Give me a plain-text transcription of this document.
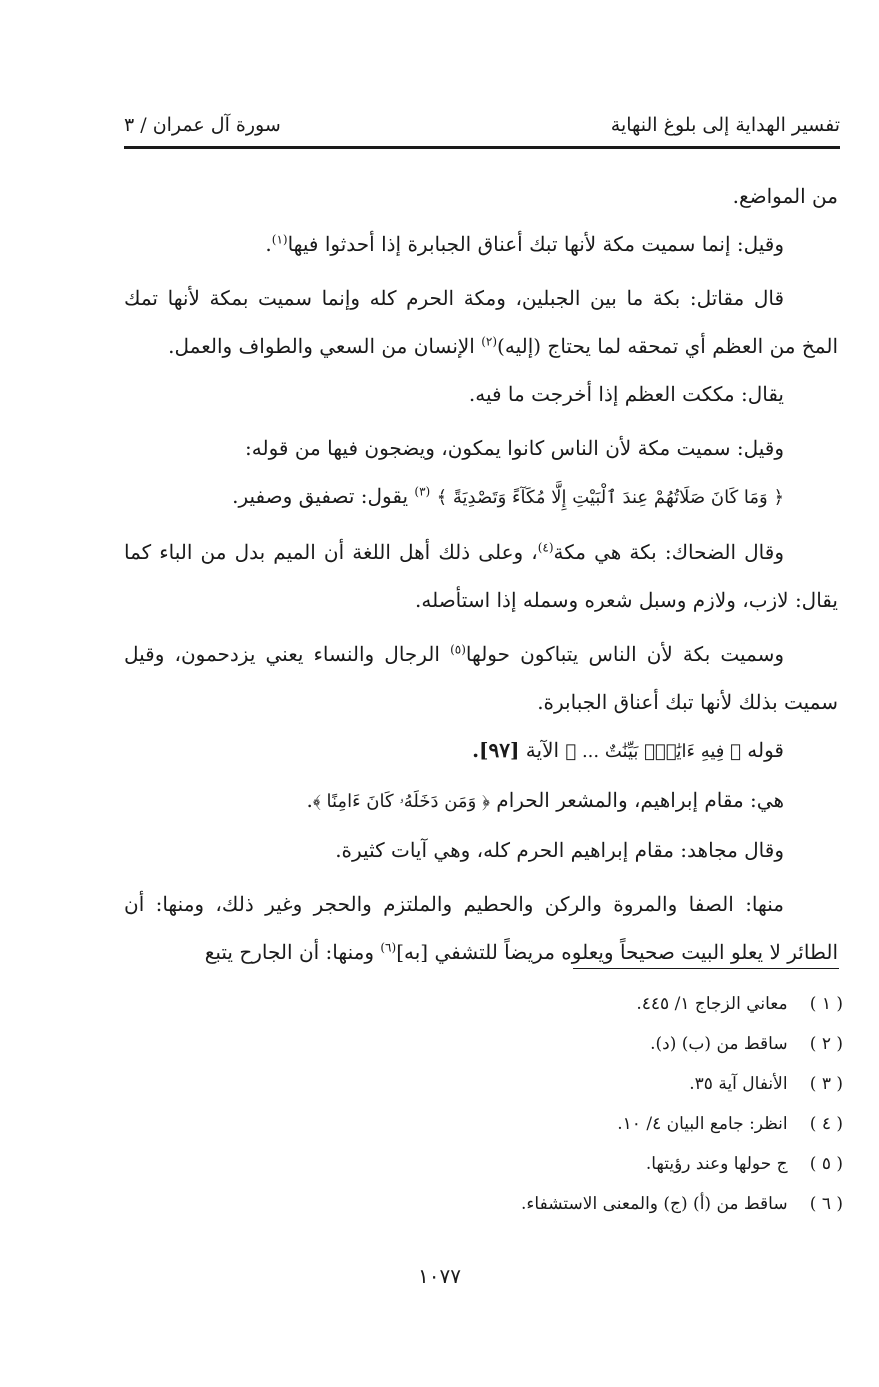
تفسير الهداية إلى بلوغ النهاية
سورة آل عمران / ٣

من المواضع.

وقيل: إنما سميت مكة لأنها تبك أعناق الجبابرة إذا أحدثوا فيها$^{(١)}$.

قال مقاتل: بكة ما بين الجبلين، ومكة الحرم كله وإنما سميت بمكة لأنها تمك المخ من العظم أي تمحقه لما يحتاج (إليه)$^{(٢)}$ الإنسان من السعي والطواف والعمل.

يقال: مككت العظم إذا أخرجت ما فيه.

وقيل: سميت مكة لأن الناس كانوا يمكون، ويضجون فيها من قوله:

﴿ وَمَا كَانَ صَلَاتُهُمْ عِندَ ٱلْبَيْتِ إِلَّا مُكَآءً وَتَصْدِيَةً ﴾ $^{(٣)}$ يقول: تصفيق وصفير.

وقال الضحاك: بكة هي مكة$^{(٤)}$، وعلى ذلك أهل اللغة أن الميم بدل من الباء كما يقال: لازب، ولازم وسبل شعره وسمله إذا استأصله.

وسميت بكة لأن الناس يتباكون حولها$^{(٥)}$ الرجال والنساء يعني يزدحمون، وقيل سميت بذلك لأنها تبك أعناق الجبابرة.

قوله ﴿ فِيهِ ءَايَٰتٌۢ بَيِّنَٰتٌ ... ﴾ الآية [٩٧].

هي: مقام إبراهيم، والمشعر الحرام ﴿ وَمَن دَخَلَهُۥ كَانَ ءَامِنًا ﴾.

وقال مجاهد: مقام إبراهيم الحرم كله، وهي آيات كثيرة.

منها: الصفا والمروة والركن والحطيم والملتزم والحجر وغير ذلك، ومنها: أن الطائر لا يعلو البيت صحيحاً ويعلوه مريضاً للتشفي [به]$^{(٦)}$ ومنها: أن الجارح يتبع

( ١ ) معاني الزجاج ١/ ٤٤٥.
( ٢ ) ساقط من (ب) (د).
( ٣ ) الأنفال آية ٣٥.
( ٤ ) انظر: جامع البيان ٤/ ١٠.
( ٥ ) ج حولها وعند رؤيتها.
( ٦ ) ساقط من (أ) (ج) والمعنى الاستشفاء.
١٠٧٧
